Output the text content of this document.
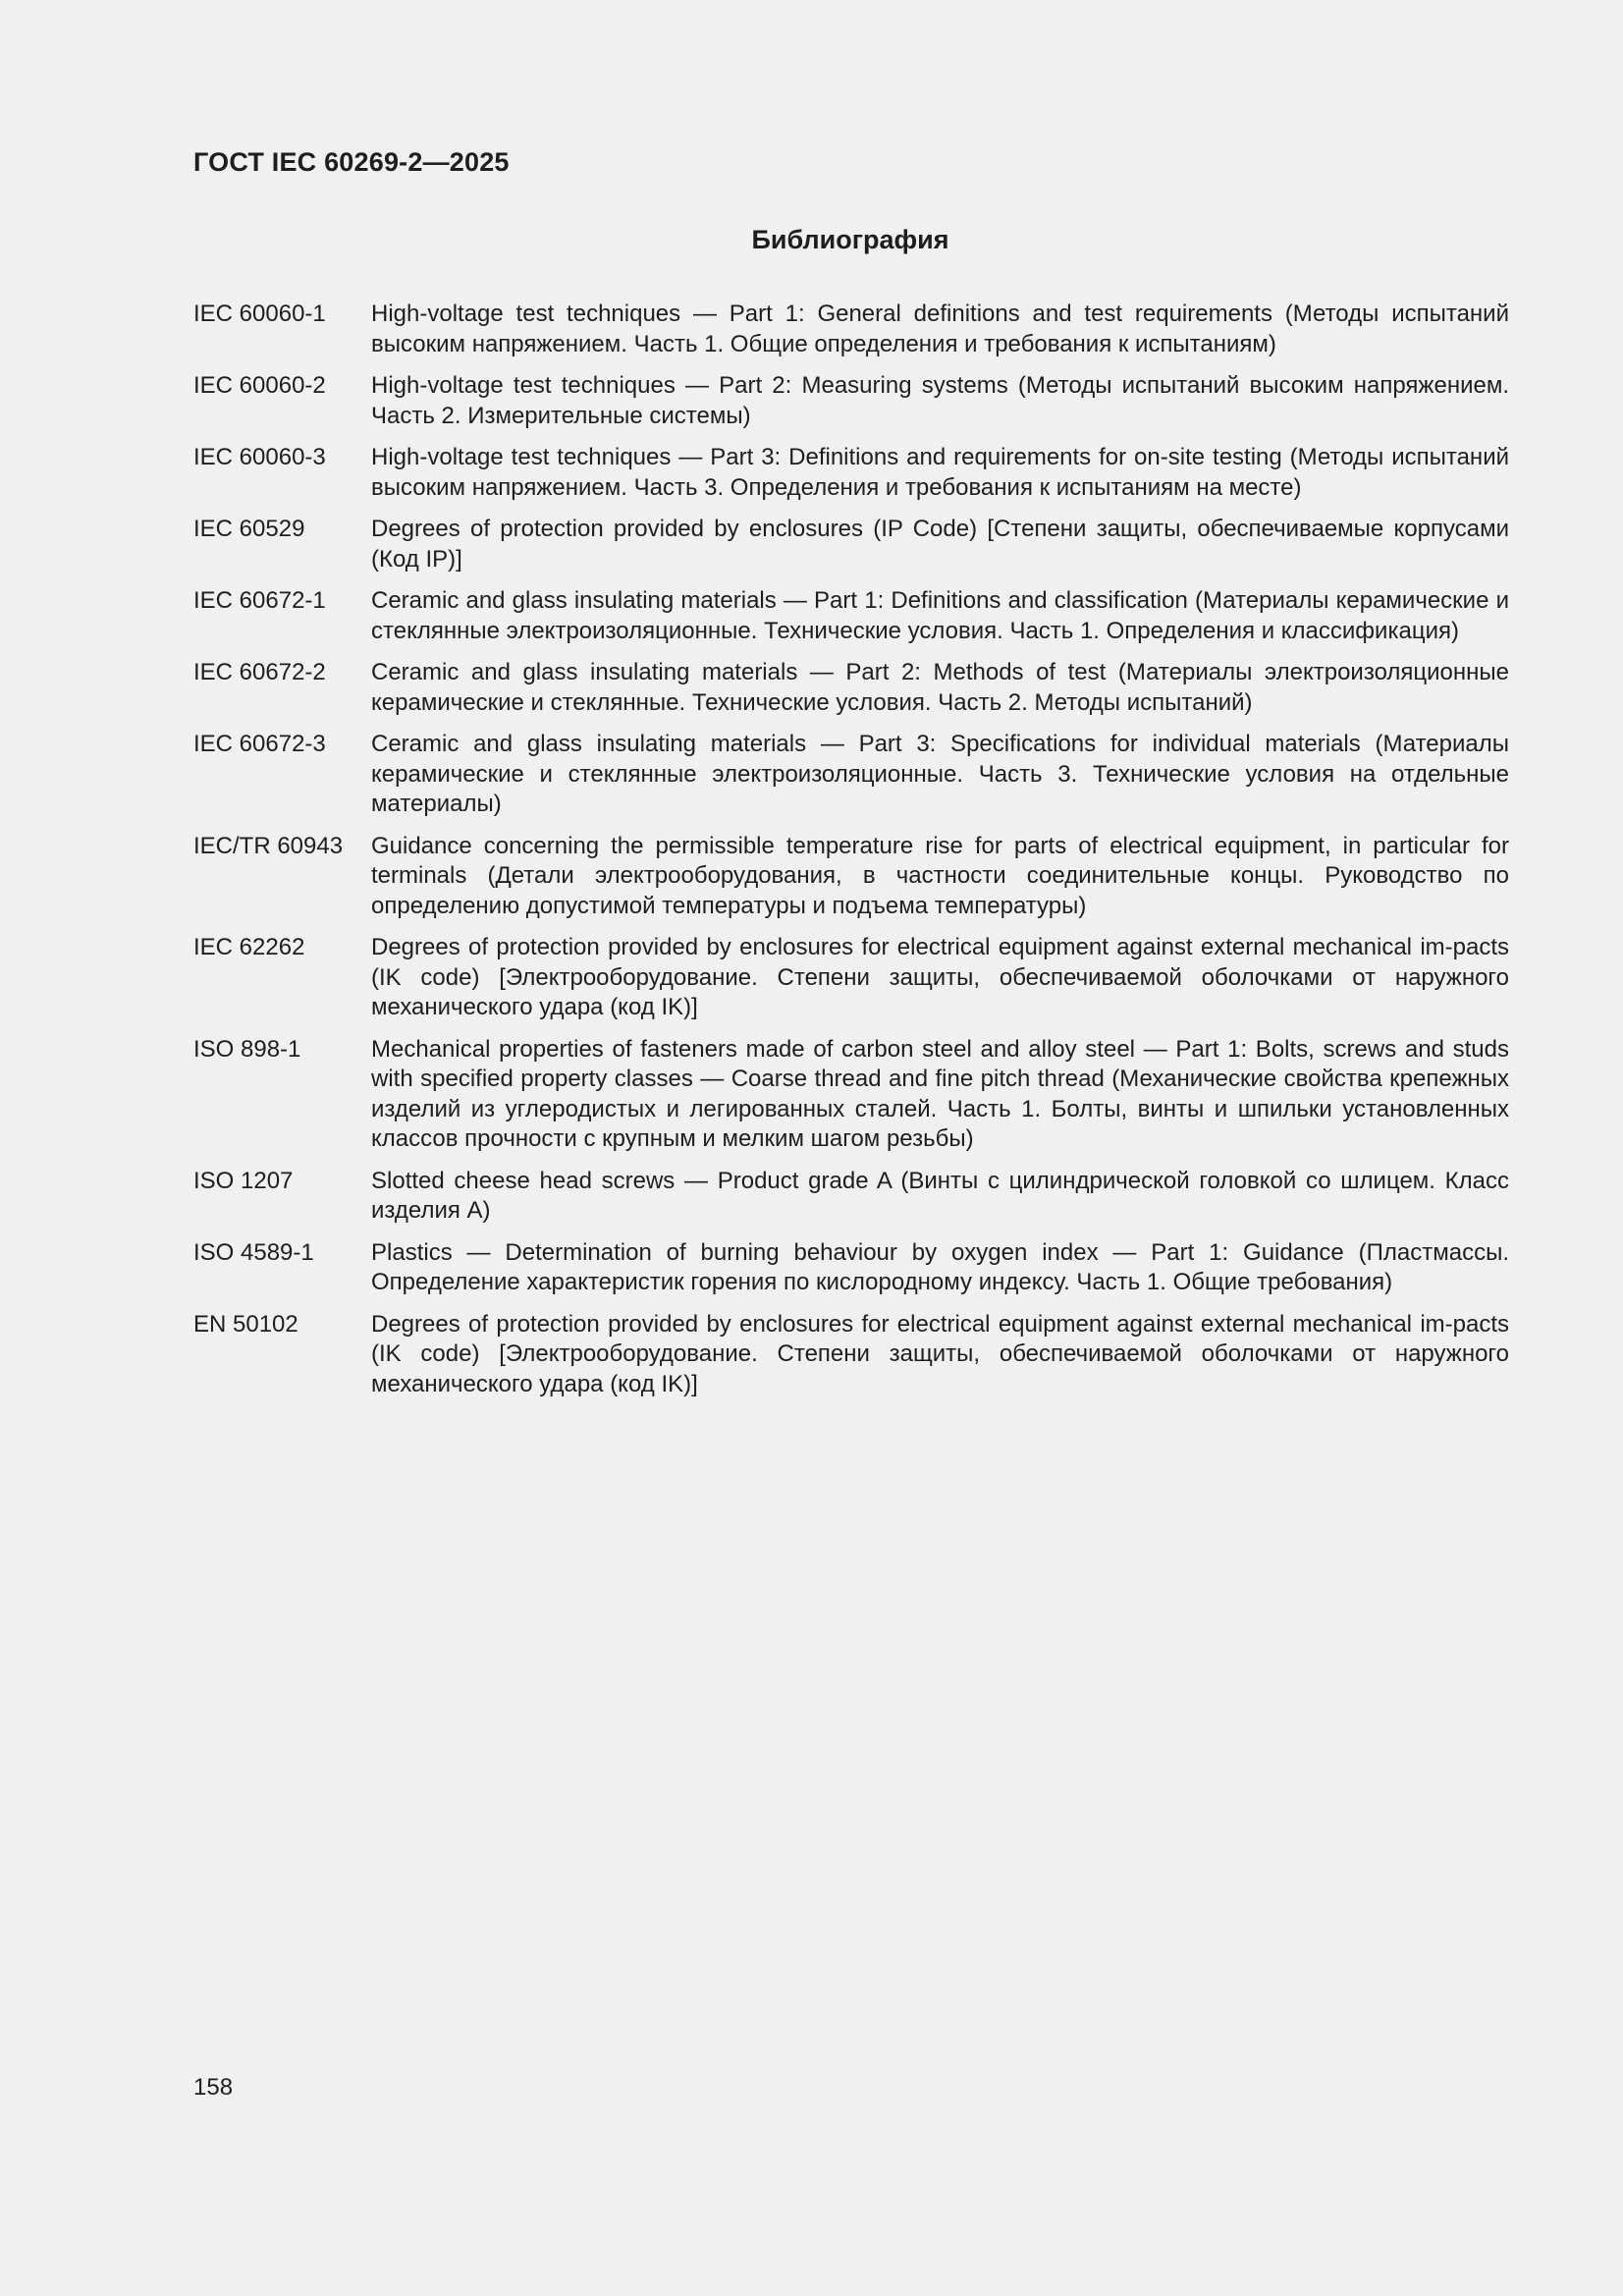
ГОСТ IEC 60269-2—2025
Библиография
IEC 60060-1	High-voltage test techniques — Part 1: General definitions and test requirements (Методы испытаний высоким напряжением. Часть 1. Общие определения и требования к испытаниям)
IEC 60060-2	High-voltage test techniques — Part 2: Measuring systems (Методы испытаний высоким напряжением. Часть 2. Измерительные системы)
IEC 60060-3	High-voltage test techniques — Part 3: Definitions and requirements for on-site testing (Методы испытаний высоким напряжением. Часть 3. Определения и требования к испытаниям на месте)
IEC 60529	Degrees of protection provided by enclosures (IP Code) [Степени защиты, обеспечиваемые корпусами (Код IP)]
IEC 60672-1	Ceramic and glass insulating materials — Part 1: Definitions and classification (Материалы керамические и стеклянные электроизоляционные. Технические условия. Часть 1. Определения и классификация)
IEC 60672-2	Ceramic and glass insulating materials — Part 2: Methods of test (Материалы электроизоляционные керамические и стеклянные. Технические условия. Часть 2. Методы испытаний)
IEC 60672-3	Ceramic and glass insulating materials — Part 3: Specifications for individual materials (Материалы керамические и стеклянные электроизоляционные. Часть 3. Технические условия на отдельные материалы)
IEC/TR 60943	Guidance concerning the permissible temperature rise for parts of electrical equipment, in particular for terminals (Детали электрооборудования, в частности соединительные концы. Руководство по определению допустимой температуры и подъема температуры)
IEC 62262	Degrees of protection provided by enclosures for electrical equipment against external mechanical im-pacts (IK code) [Электрооборудование. Степени защиты, обеспечиваемой оболочками от наружного механического удара (код IK)]
ISO 898-1	Mechanical properties of fasteners made of carbon steel and alloy steel — Part 1: Bolts, screws and studs with specified property classes — Coarse thread and fine pitch thread (Механические свойства крепежных изделий из углеродистых и легированных сталей. Часть 1. Болты, винты и шпильки установленных классов прочности с крупным и мелким шагом резьбы)
ISO 1207	Slotted cheese head screws — Product grade A (Винты с цилиндрической головкой со шлицем. Класс изделия А)
ISO 4589-1	Plastics — Determination of burning behaviour by oxygen index — Part 1: Guidance (Пластмассы. Определение характеристик горения по кислородному индексу. Часть 1. Общие требования)
EN 50102	Degrees of protection provided by enclosures for electrical equipment against external mechanical im-pacts (IK code) [Электрооборудование. Степени защиты, обеспечиваемой оболочками от наружного механического удара (код IK)]
158
